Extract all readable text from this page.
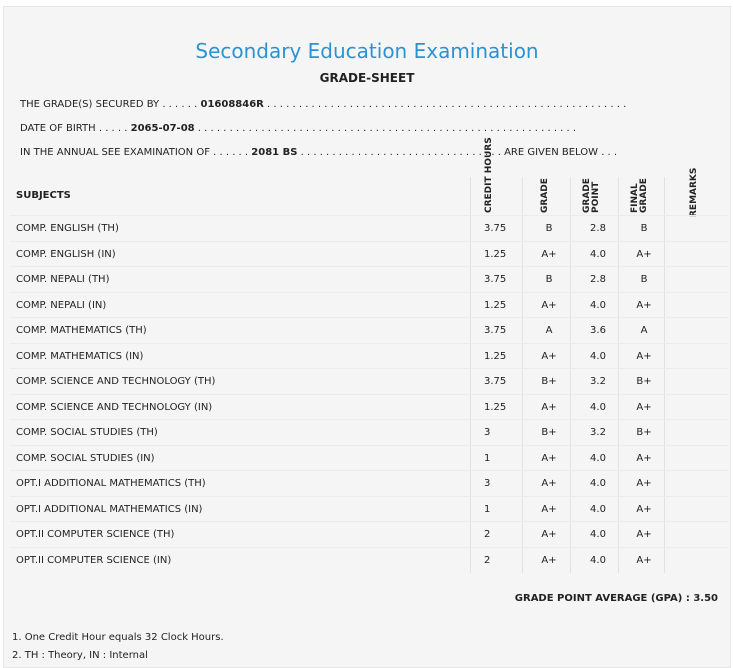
Secondary Education Examination
GRADE-SHEET
THE GRADE(S) SECURED BY . . . . . . 01608846R . . . . . . . . . . . . . . . . . . . . . . . . . . . . . . . . . . . . . . . . . . . . . . . . . . . . . . . . .
DATE OF BIRTH . . . . . 2065-07-08 . . . . . . . . . . . . . . . . . . . . . . . . . . . . . . . . . . . . . . . . . . . . . . . . . . . . . . . . . . . .
IN THE ANNUAL SEE EXAMINATION OF . . . . . . 2081 BS . . . . . . . . . . . . . . . . . . . . . . . . . . . . . . . . ARE GIVEN BELOW . . .
SUBJECTS	CREDIT HOURS	GRADE	GRADE POINT	FINAL GRADE	REMARKS
COMP. ENGLISH (TH)	3.75	B	2.8	B
COMP. ENGLISH (IN)	1.25	A+	4.0	A+
COMP. NEPALI (TH)	3.75	B	2.8	B
COMP. NEPALI (IN)	1.25	A+	4.0	A+
COMP. MATHEMATICS (TH)	3.75	A	3.6	A
COMP. MATHEMATICS (IN)	1.25	A+	4.0	A+
COMP. SCIENCE AND TECHNOLOGY (TH)	3.75	B+	3.2	B+
COMP. SCIENCE AND TECHNOLOGY (IN)	1.25	A+	4.0	A+
COMP. SOCIAL STUDIES (TH)	3	B+	3.2	B+
COMP. SOCIAL STUDIES (IN)	1	A+	4.0	A+
OPT.I ADDITIONAL MATHEMATICS (TH)	3	A+	4.0	A+
OPT.I ADDITIONAL MATHEMATICS (IN)	1	A+	4.0	A+
OPT.II COMPUTER SCIENCE (TH)	2	A+	4.0	A+
OPT.II COMPUTER SCIENCE (IN)	2	A+	4.0	A+
GRADE POINT AVERAGE (GPA) : 3.50
1. One Credit Hour equals 32 Clock Hours.
2. TH : Theory, IN : Internal
